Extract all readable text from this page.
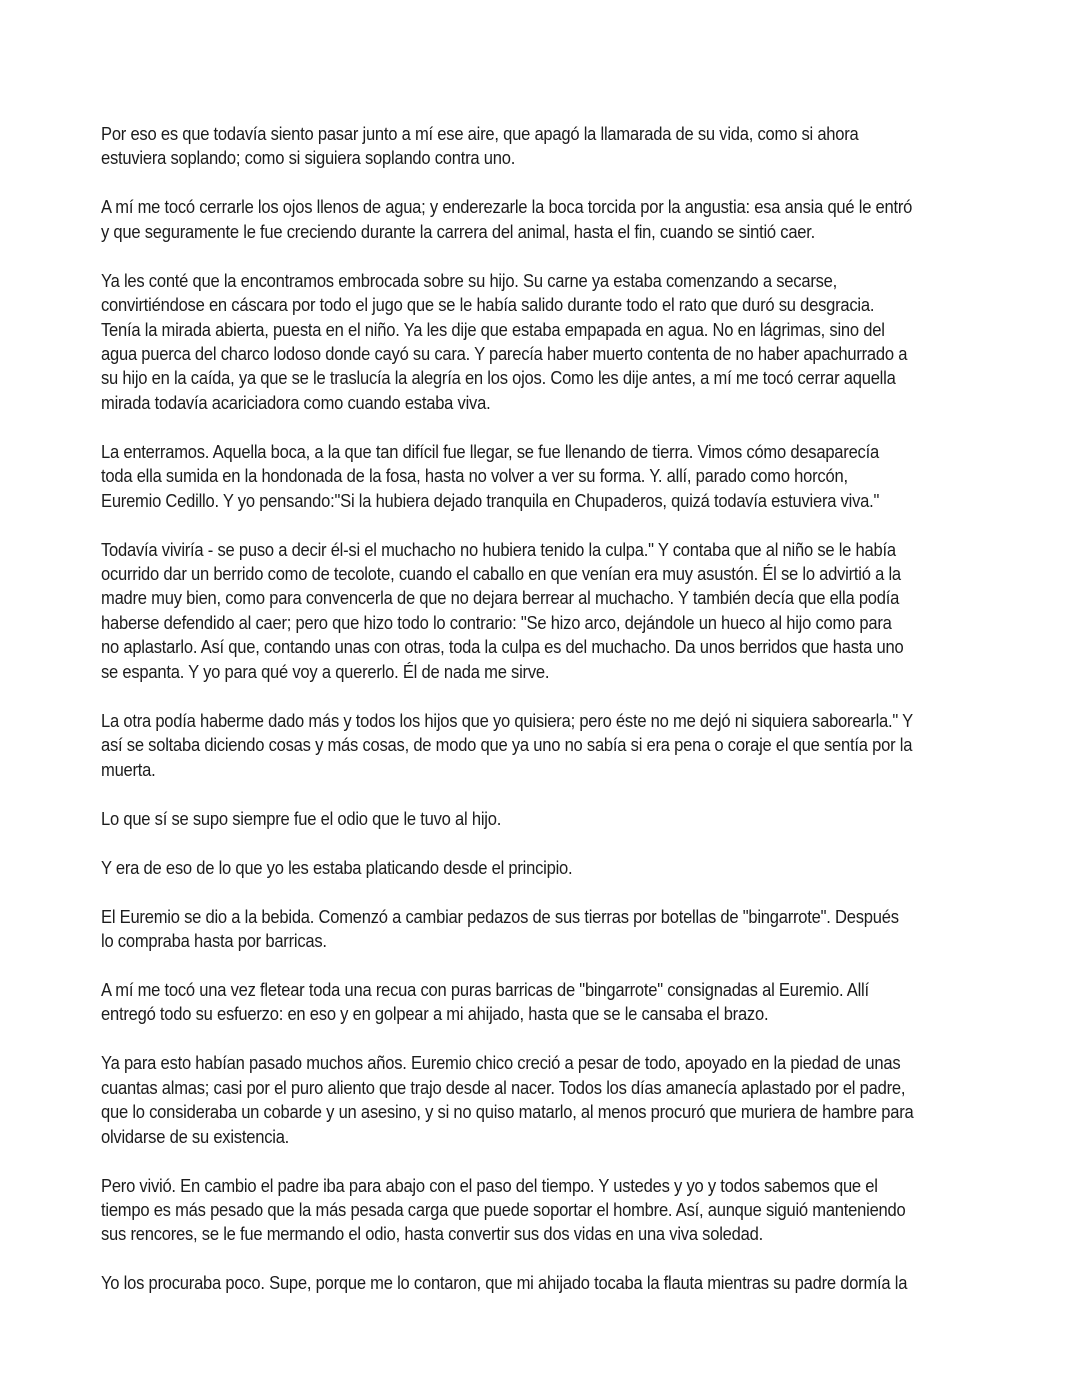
Por eso es que todavía siento pasar junto a mí ese aire, que apagó la llamarada de su vida, como si ahora
estuviera soplando; como si siguiera soplando contra uno.

A mí me tocó cerrarle los ojos llenos de agua; y enderezarle la boca torcida por la angustia: esa ansia qué le entró
y que seguramente le fue creciendo durante la carrera del animal, hasta el fin, cuando se sintió caer.

Ya les conté que la encontramos embrocada sobre su hijo. Su carne ya estaba comenzando a secarse,
convirtiéndose en cáscara por todo el jugo que se le había salido durante todo el rato que duró su desgracia.
Tenía la mirada abierta, puesta en el niño. Ya les dije que estaba empapada en agua. No en lágrimas, sino del
agua puerca del charco lodoso donde cayó su cara. Y parecía haber muerto contenta de no haber apachurrado a
su hijo en la caída, ya que se le traslucía la alegría en los ojos. Como les dije antes, a mí me tocó cerrar aquella
mirada todavía acariciadora como cuando estaba viva.

La enterramos. Aquella boca, a la que tan difícil fue llegar, se fue llenando de tierra. Vimos cómo desaparecía
toda ella sumida en la hondonada de la fosa, hasta no volver a ver su forma. Y. allí, parado como horcón,
Euremio Cedillo. Y yo pensando:"Si la hubiera dejado tranquila en Chupaderos, quizá todavía estuviera viva."

Todavía viviría - se puso a decir él-si el muchacho no hubiera tenido la culpa." Y contaba que al niño se le había
ocurrido dar un berrido como de tecolote, cuando el caballo en que venían era muy asustón. Él se lo advirtió a la
madre muy bien, como para convencerla de que no dejara berrear al muchacho. Y también decía que ella podía
haberse defendido al caer; pero que hizo todo lo contrario: "Se hizo arco, dejándole un hueco al hijo como para
no aplastarlo. Así que, contando unas con otras, toda la culpa es del muchacho. Da unos berridos que hasta uno
se espanta. Y yo para qué voy a quererlo. Él de nada me sirve.

La otra podía haberme dado más y todos los hijos que yo quisiera; pero éste no me dejó ni siquiera saborearla." Y
así se soltaba diciendo cosas y más cosas, de modo que ya uno no sabía si era pena o coraje el que sentía por la
muerta.

Lo que sí se supo siempre fue el odio que le tuvo al hijo.

Y era de eso de lo que yo les estaba platicando desde el principio.

El Euremio se dio a la bebida. Comenzó a cambiar pedazos de sus tierras por botellas de "bingarrote". Después
lo compraba hasta por barricas.

A mí me tocó una vez fletear toda una recua con puras barricas de "bingarrote" consignadas al Euremio. Allí
entregó todo su esfuerzo: en eso y en golpear a mi ahijado, hasta que se le cansaba el brazo.

Ya para esto habían pasado muchos años. Euremio chico creció a pesar de todo, apoyado en la piedad de unas
cuantas almas; casi por el puro aliento que trajo desde al nacer. Todos los días amanecía aplastado por el padre,
que lo consideraba un cobarde y un asesino, y si no quiso matarlo, al menos procuró que muriera de hambre para
olvidarse de su existencia.

Pero vivió. En cambio el padre iba para abajo con el paso del tiempo. Y ustedes y yo y todos sabemos que el
tiempo es más pesado que la más pesada carga que puede soportar el hombre. Así, aunque siguió manteniendo
sus rencores, se le fue mermando el odio, hasta convertir sus dos vidas en una viva soledad.

Yo los procuraba poco. Supe, porque me lo contaron, que mi ahijado tocaba la flauta mientras su padre dormía la
